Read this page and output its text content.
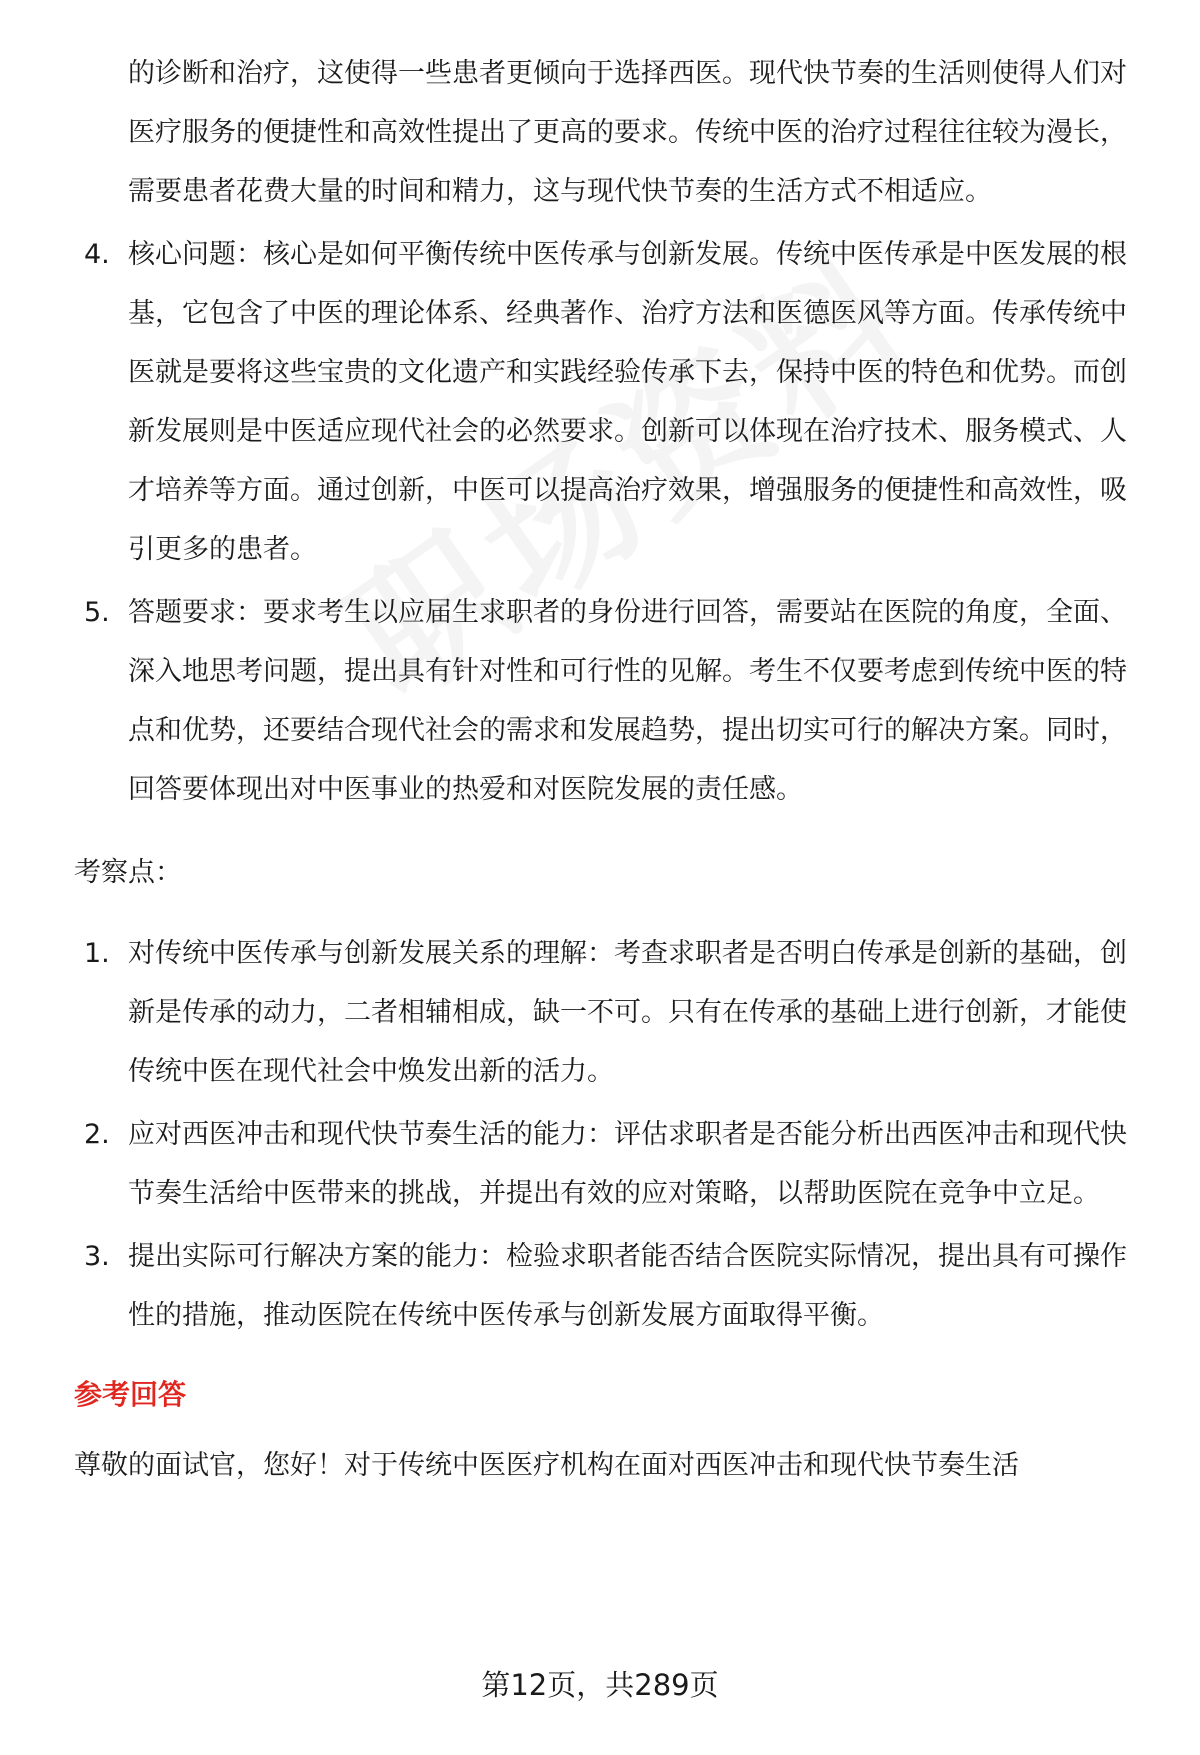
的诊断和治疗，这使得一些患者更倾向于选择西医。现代快节奏的生活则使得人们对医疗服务的便捷性和高效性提出了更高的要求。传统中医的治疗过程往往较为漫长，需要患者花费大量的时间和精力，这与现代快节奏的生活方式不相适应。
4. 核心问题：核心是如何平衡传统中医传承与创新发展。传统中医传承是中医发展的根基，它包含了中医的理论体系、经典著作、治疗方法和医德医风等方面。传承传统中医就是要将这些宝贵的文化遗产和实践经验传承下去，保持中医的特色和优势。而创新发展则是中医适应现代社会的必然要求。创新可以体现在治疗技术、服务模式、人才培养等方面。通过创新，中医可以提高治疗效果，增强服务的便捷性和高效性，吸引更多的患者。
5. 答题要求：要求考生以应届生求职者的身份进行回答，需要站在医院的角度，全面、深入地思考问题，提出具有针对性和可行性的见解。考生不仅要考虑到传统中医的特点和优势，还要结合现代社会的需求和发展趋势，提出切实可行的解决方案。同时，回答要体现出对中医事业的热爱和对医院发展的责任感。

考察点：

1. 对传统中医传承与创新发展关系的理解：考查求职者是否明白传承是创新的基础，创新是传承的动力，二者相辅相成，缺一不可。只有在传承的基础上进行创新，才能使传统中医在现代社会中焕发出新的活力。
2. 应对西医冲击和现代快节奏生活的能力：评估求职者是否能分析出西医冲击和现代快节奏生活给中医带来的挑战，并提出有效的应对策略，以帮助医院在竞争中立足。
3. 提出实际可行解决方案的能力：检验求职者能否结合医院实际情况，提出具有可操作性的措施，推动医院在传统中医传承与创新发展方面取得平衡。

参考回答

尊敬的面试官，您好！对于传统中医医疗机构在面对西医冲击和现代快节奏生活

第12页，共289页
